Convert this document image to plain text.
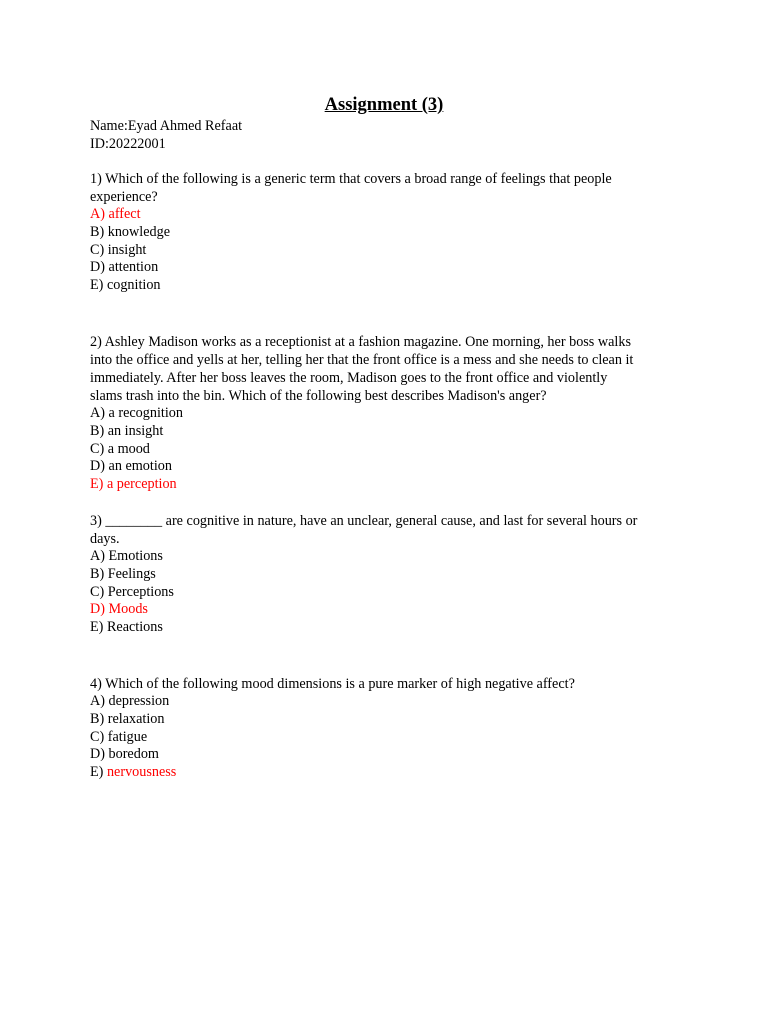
Assignment (3)
Name:Eyad Ahmed Refaat
ID:20222001
1) Which of the following is a generic term that covers a broad range of feelings that people
experience?
A) affect
B) knowledge
C) insight
D) attention
E) cognition
2) Ashley Madison works as a receptionist at a fashion magazine. One morning, her boss walks
into the office and yells at her, telling her that the front office is a mess and she needs to clean it
immediately. After her boss leaves the room, Madison goes to the front office and violently
slams trash into the bin. Which of the following best describes Madison's anger?
A) a recognition
B) an insight
C) a mood
D) an emotion
E) a perception
3) ________ are cognitive in nature, have an unclear, general cause, and last for several hours or
days.
A) Emotions
B) Feelings
C) Perceptions
D) Moods
E) Reactions
4) Which of the following mood dimensions is a pure marker of high negative affect?
A) depression
B) relaxation
C) fatigue
D) boredom
E) nervousness
